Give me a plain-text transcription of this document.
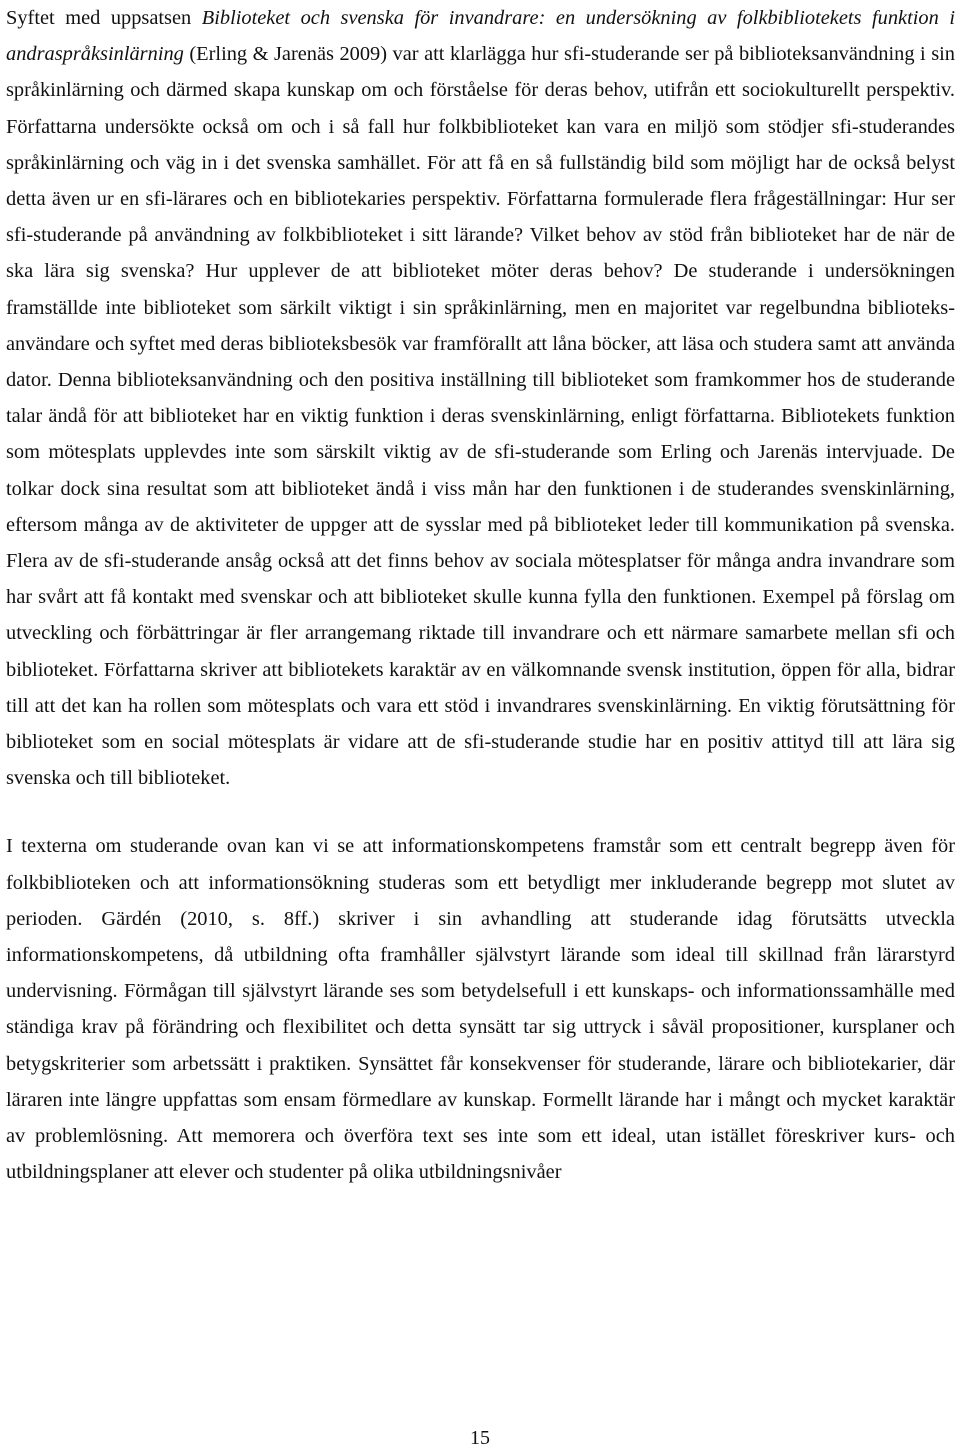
Syftet med uppsatsen Biblioteket och svenska för invandrare: en undersökning av folkbibliotekets funktion i andraspråksinlärning (Erling & Jarenäs 2009) var att klarlägga hur sfi-studerande ser på biblioteksanvändning i sin språkinlärning och därmed skapa kunskap om och förståelse för deras behov, utifrån ett sociokulturellt perspektiv. Författarna undersökte också om och i så fall hur folkbiblioteket kan vara en miljö som stödjer sfi-studerandes språkinlärning och väg in i det svenska samhället. För att få en så fullständig bild som möjligt har de också belyst detta även ur en sfi-lärares och en bibliotekaries perspektiv. Författarna formulerade flera frågeställningar: Hur ser sfi-studerande på användning av folkbiblioteket i sitt lärande? Vilket behov av stöd från biblioteket har de när de ska lära sig svenska? Hur upplever de att biblioteket möter deras behov? De studerande i undersökningen framställde inte biblioteket som särkilt viktigt i sin språkinlärning, men en majoritet var regelbundna biblioteks- användare och syftet med deras biblioteksbesök var framförallt att låna böcker, att läsa och studera samt att använda dator. Denna biblioteksanvändning och den positiva inställning till biblioteket som framkommer hos de studerande talar ändå för att biblioteket har en viktig funktion i deras svenskinlärning, enligt författarna. Bibliotekets funktion som mötesplats upplevdes inte som särskilt viktig av de sfi-studerande som Erling och Jarenäs intervjuade. De tolkar dock sina resultat som att biblioteket ändå i viss mån har den funktionen i de studerandes svenskinlärning, eftersom många av de aktiviteter de uppger att de sysslar med på biblioteket leder till kommunikation på svenska. Flera av de sfi-studerande ansåg också att det finns behov av sociala mötesplatser för många andra invandrare som har svårt att få kontakt med svenskar och att biblioteket skulle kunna fylla den funktionen. Exempel på förslag om utveckling och förbättringar är fler arrangemang riktade till invandrare och ett närmare samarbete mellan sfi och biblioteket. Författarna skriver att bibliotekets karaktär av en välkomnande svensk institution, öppen för alla, bidrar till att det kan ha rollen som mötesplats och vara ett stöd i invandrares svenskinlärning. En viktig förutsättning för biblioteket som en social mötesplats är vidare att de sfi-studerande studie har en positiv attityd till att lära sig svenska och till biblioteket.

I texterna om studerande ovan kan vi se att informationskompetens framstår som ett centralt begrepp även för folkbiblioteken och att informationsökning studeras som ett betydligt mer inkluderande begrepp mot slutet av perioden. Gärdén (2010, s. 8ff.) skriver i sin avhandling att studerande idag förutsätts utveckla informationskompetens, då utbildning ofta framhåller självstyrt lärande som ideal till skillnad från lärarstyrd undervisning. Förmågan till självstyrt lärande ses som betydelsefull i ett kunskaps- och informationssamhälle med ständiga krav på förändring och flexibilitet och detta synsätt tar sig uttryck i såväl propositioner, kursplaner och betygskriterier som arbetssätt i praktiken. Synsättet får konsekvenser för studerande, lärare och bibliotekarier, där läraren inte längre uppfattas som ensam förmedlare av kunskap. Formellt lärande har i mångt och mycket karaktär av problemlösning. Att memorera och överföra text ses inte som ett ideal, utan istället föreskriver kurs- och utbildningsplaner att elever och studenter på olika utbildningsnivåer

15
